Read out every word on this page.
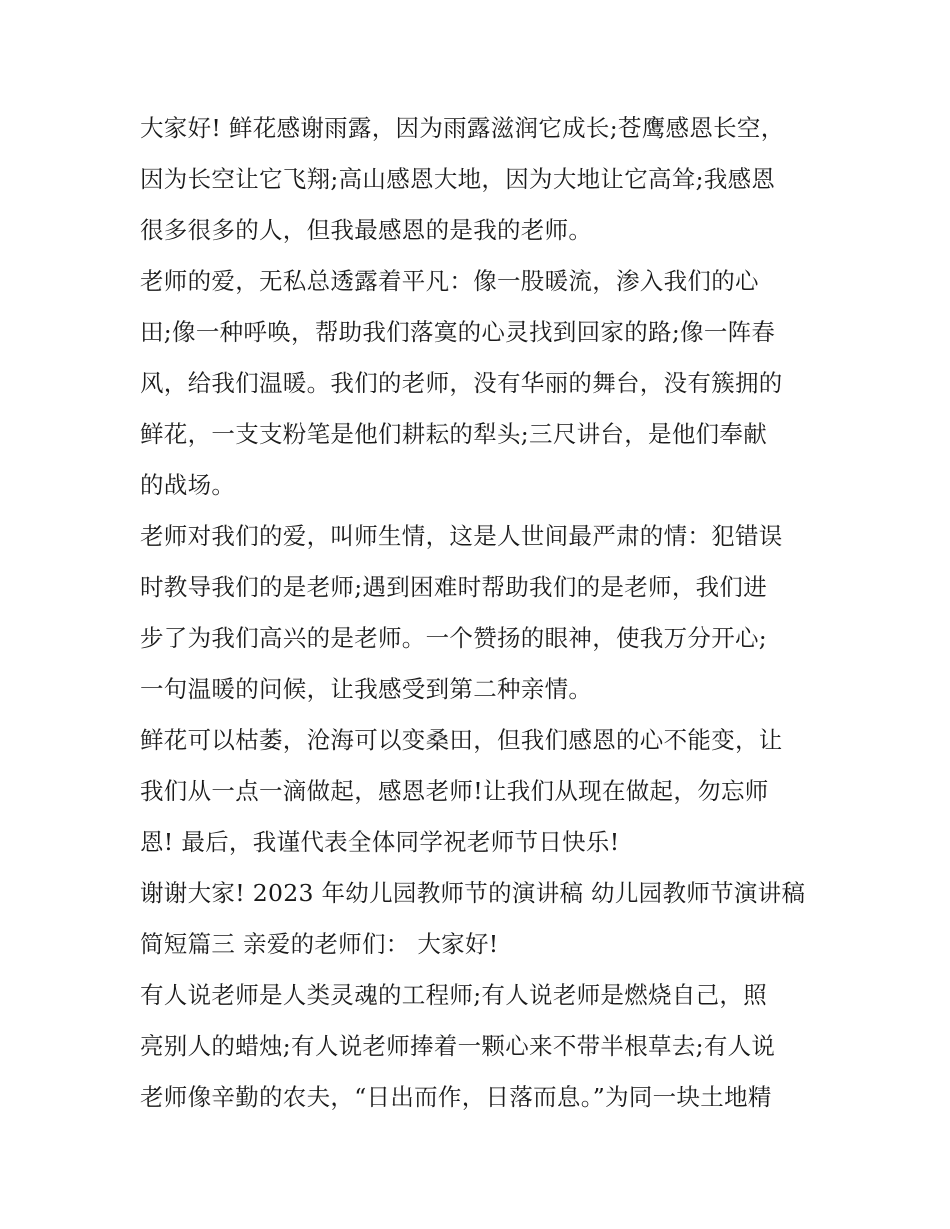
大家好! 鲜花感谢雨露，因为雨露滋润它成长;苍鹰感恩长空，
因为长空让它飞翔;高山感恩大地，因为大地让它高耸;我感恩
很多很多的人，但我最感恩的是我的老师。
老师的爱，无私总透露着平凡：像一股暖流，渗入我们的心
田;像一种呼唤，帮助我们落寞的心灵找到回家的路;像一阵春
风，给我们温暖。我们的老师，没有华丽的舞台，没有簇拥的
鲜花，一支支粉笔是他们耕耘的犁头;三尺讲台，是他们奉献
的战场。
老师对我们的爱，叫师生情，这是人世间最严肃的情：犯错误
时教导我们的是老师;遇到困难时帮助我们的是老师，我们进
步了为我们高兴的是老师。一个赞扬的眼神，使我万分开心;
一句温暖的问候，让我感受到第二种亲情。
鲜花可以枯萎，沧海可以变桑田，但我们感恩的心不能变，让
我们从一点一滴做起，感恩老师!让我们从现在做起，勿忘师
恩! 最后，我谨代表全体同学祝老师节日快乐!
谢谢大家! 2023 年幼儿园教师节的演讲稿 幼儿园教师节演讲稿
简短篇三 亲爱的老师们： 大家好!
有人说老师是人类灵魂的工程师;有人说老师是燃烧自己，照
亮别人的蜡烛;有人说老师捧着一颗心来不带半根草去;有人说
老师像辛勤的农夫，“日出而作，日落而息。”为同一块土地精
